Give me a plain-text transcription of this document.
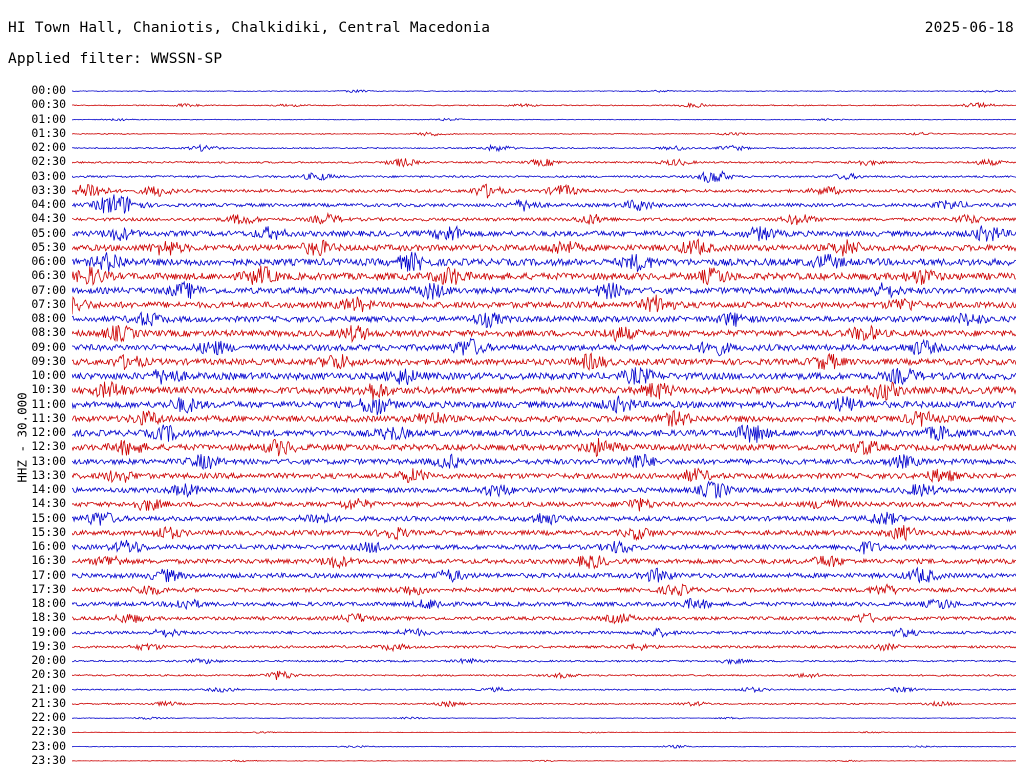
HI Town Hall, Chaniotis, Chalkidiki, Central Macedonia	2025-06-18
Applied filter: WWSSN-SP
HHZ - 30.000
00:00
00:30
01:00
01:30
02:00
02:30
03:00
03:30
04:00
04:30
05:00
05:30
06:00
06:30
07:00
07:30
08:00
08:30
09:00
09:30
10:00
10:30
11:00
11:30
12:00
12:30
13:00
13:30
14:00
14:30
15:00
15:30
16:00
16:30
17:00
17:30
18:00
18:30
19:00
19:30
20:00
20:30
21:00
21:30
22:00
22:30
23:00
23:30
